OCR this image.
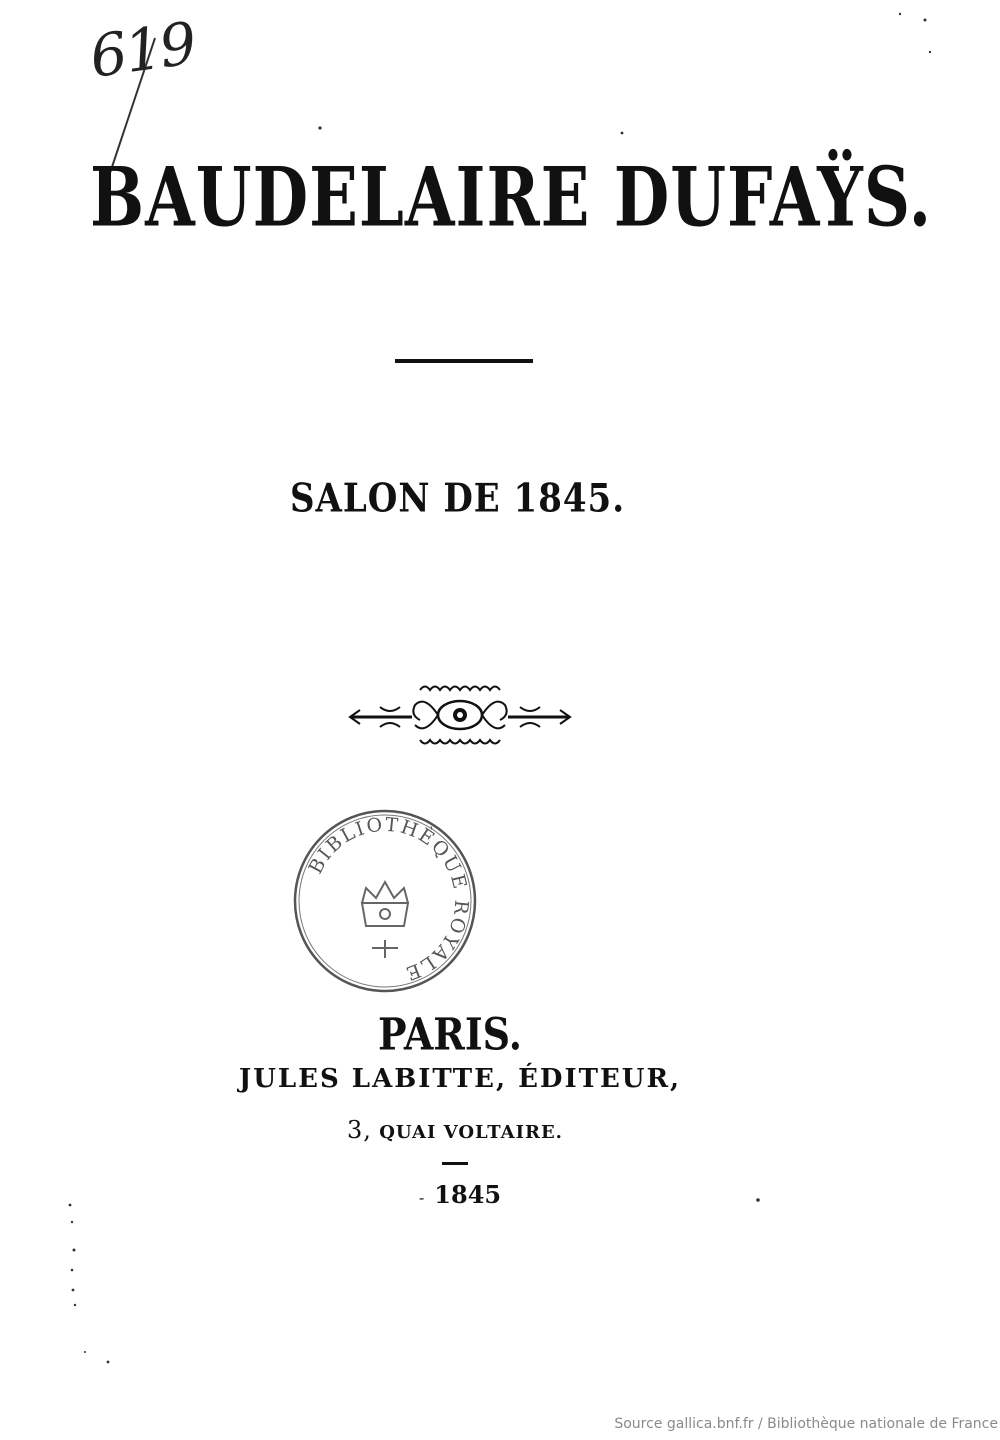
619
BAUDELAIRE DUFAŸS.
SALON DE 1845.
BIBLIOTHÈQUE ROYALE
PARIS.
JULES LABITTE, ÉDITEUR,
3, QUAI VOLTAIRE.
- 1845
Source gallica.bnf.fr / Bibliothèque nationale de France
